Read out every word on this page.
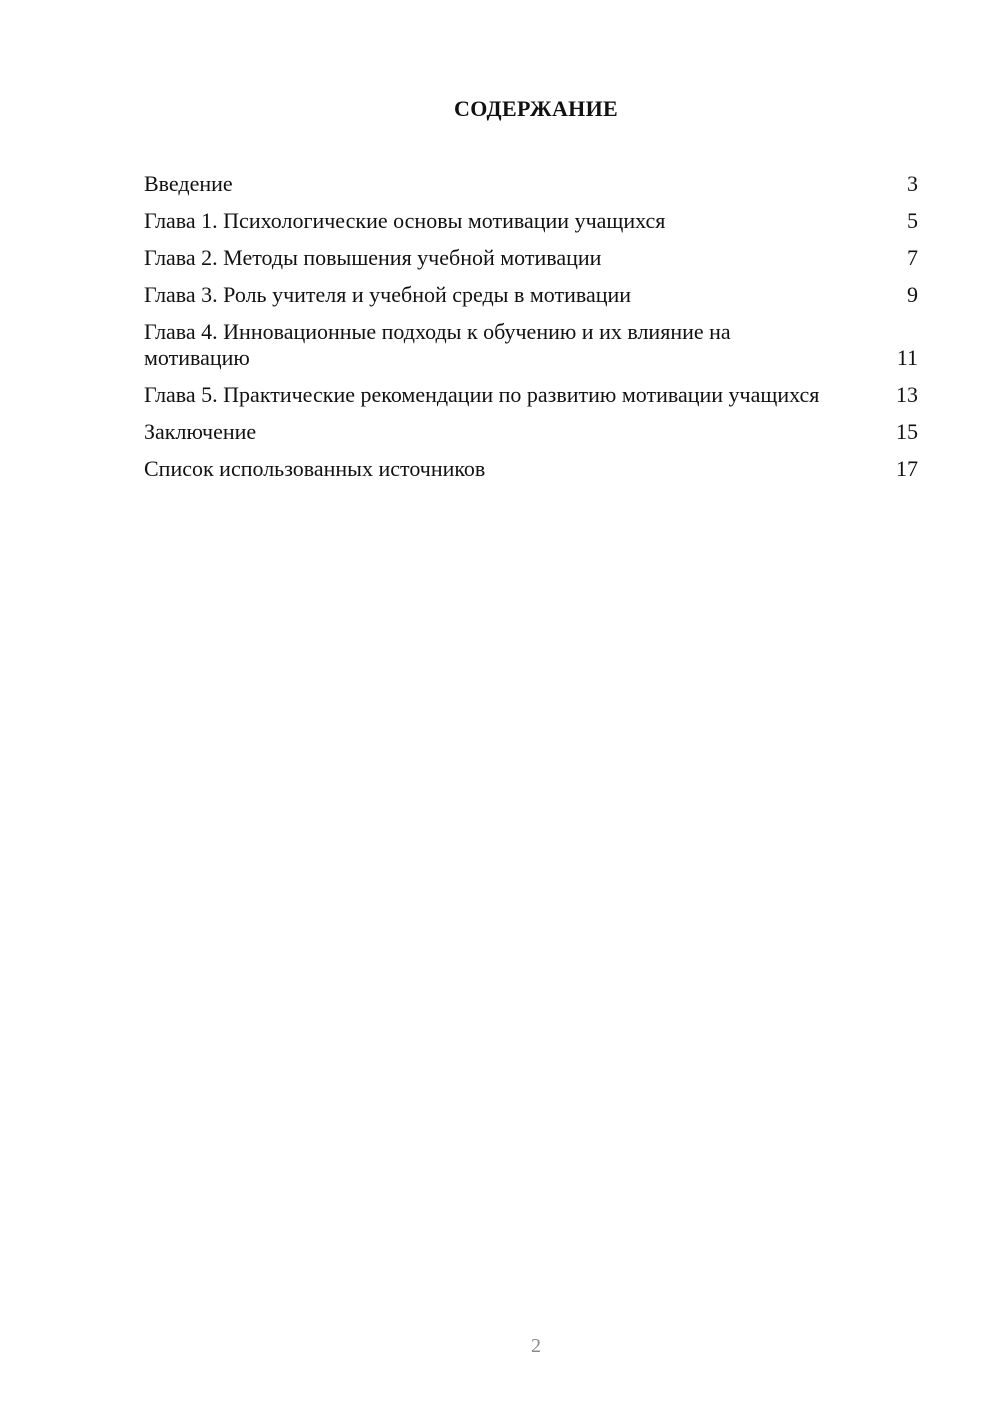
СОДЕРЖАНИЕ
Введение	3
Глава 1. Психологические основы мотивации учащихся	5
Глава 2. Методы повышения учебной мотивации	7
Глава 3. Роль учителя и учебной среды в мотивации	9
Глава 4. Инновационные подходы к обучению и их влияние на мотивацию	11
Глава 5. Практические рекомендации по развитию мотивации учащихся	13
Заключение	15
Список использованных источников	17
2
